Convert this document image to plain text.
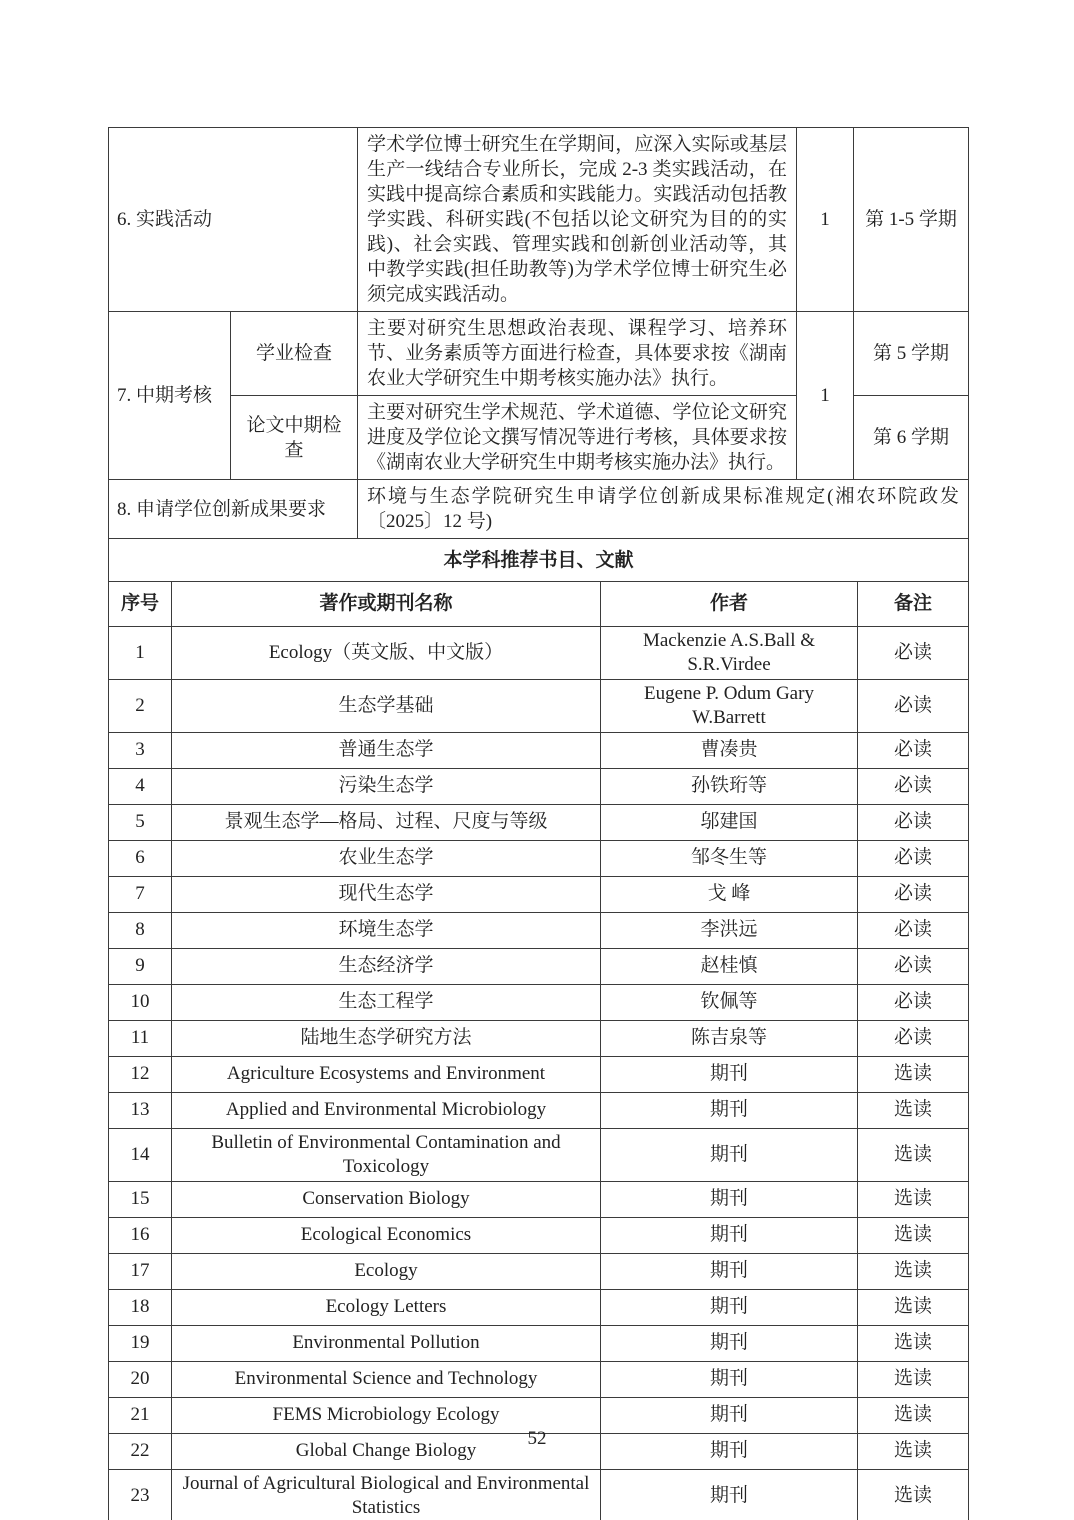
6. 实践活动		学术学位博士研究生在学期间，应深入实际或基层生产一线结合专业所长，完成 2-3 类实践活动，在实践中提高综合素质和实践能力。实践活动包括教学实践、科研实践(不包括以论文研究为目的的实践)、社会实践、管理实践和创新创业活动等，其中教学实践(担任助教等)为学术学位博士研究生必须完成实践活动。	1	第 1-5 学期
7. 中期考核	学业检查	主要对研究生思想政治表现、课程学习、培养环节、业务素质等方面进行检查，具体要求按《湖南农业大学研究生中期考核实施办法》执行。	1	第 5 学期
	论文中期检查	主要对研究生学术规范、学术道德、学位论文研究进度及学位论文撰写情况等进行考核，具体要求按《湖南农业大学研究生中期考核实施办法》执行。		第 6 学期
8. 申请学位创新成果要求		环境与生态学院研究生申请学位创新成果标准规定(湘农环院政发〔2025〕12 号)		
本学科推荐书目、文献				
序号	著作或期刊名称	作者	备注
1	Ecology（英文版、中文版）	Mackenzie A.S.Ball & S.R.Virdee	必读
2	生态学基础	Eugene P. Odum Gary W.Barrett	必读
3	普通生态学	曹凑贵	必读
4	污染生态学	孙铁珩等	必读
5	景观生态学—格局、过程、尺度与等级	邬建国	必读
6	农业生态学	邹冬生等	必读
7	现代生态学	戈 峰	必读
8	环境生态学	李洪远	必读
9	生态经济学	赵桂慎	必读
10	生态工程学	钦佩等	必读
11	陆地生态学研究方法	陈吉泉等	必读
12	Agriculture Ecosystems and Environment	期刊	选读
13	Applied and Environmental Microbiology	期刊	选读
14	Bulletin of Environmental Contamination and Toxicology	期刊	选读
15	Conservation Biology	期刊	选读
16	Ecological Economics	期刊	选读
17	Ecology	期刊	选读
18	Ecology Letters	期刊	选读
19	Environmental Pollution	期刊	选读
20	Environmental Science and Technology	期刊	选读
21	FEMS Microbiology Ecology	期刊	选读
22	Global Change Biology	期刊	选读
23	Journal of Agricultural Biological and Environmental Statistics	期刊	选读
52
